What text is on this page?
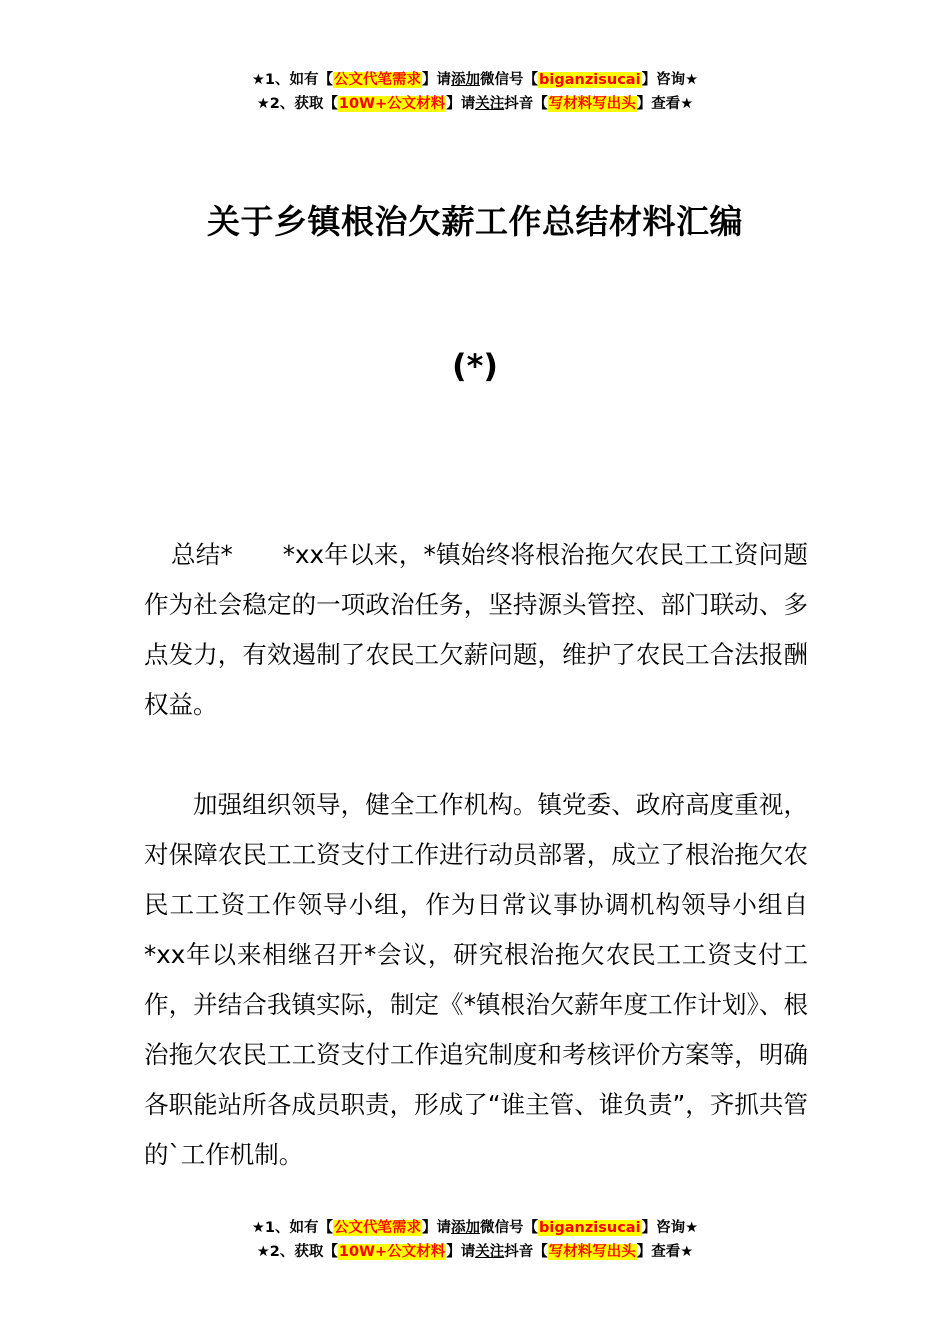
★1、如有【公文代笔需求】请添加微信号【biganzisucai】咨询★
★2、获取【10W+公文材料】请关注抖音【写材料写出头】查看★
关于乡镇根治欠薪工作总结材料汇编
(*)
总结*　　*xx年以来，*镇始终将根治拖欠农民工工资问题作为社会稳定的一项政治任务，坚持源头管控、部门联动、多点发力，有效遏制了农民工欠薪问题，维护了农民工合法报酬权益。
加强组织领导，健全工作机构。镇党委、政府高度重视，对保障农民工工资支付工作进行动员部署，成立了根治拖欠农民工工资工作领导小组，作为日常议事协调机构领导小组自*xx年以来相继召开*会议，研究根治拖欠农民工工资支付工作，并结合我镇实际，制定《*镇根治欠薪年度工作计划》、根治拖欠农民工工资支付工作追究制度和考核评价方案等，明确各职能站所各成员职责，形成了“谁主管、谁负责”，齐抓共管的`工作机制。
★1、如有【公文代笔需求】请添加微信号【biganzisucai】咨询★
★2、获取【10W+公文材料】请关注抖音【写材料写出头】查看★
